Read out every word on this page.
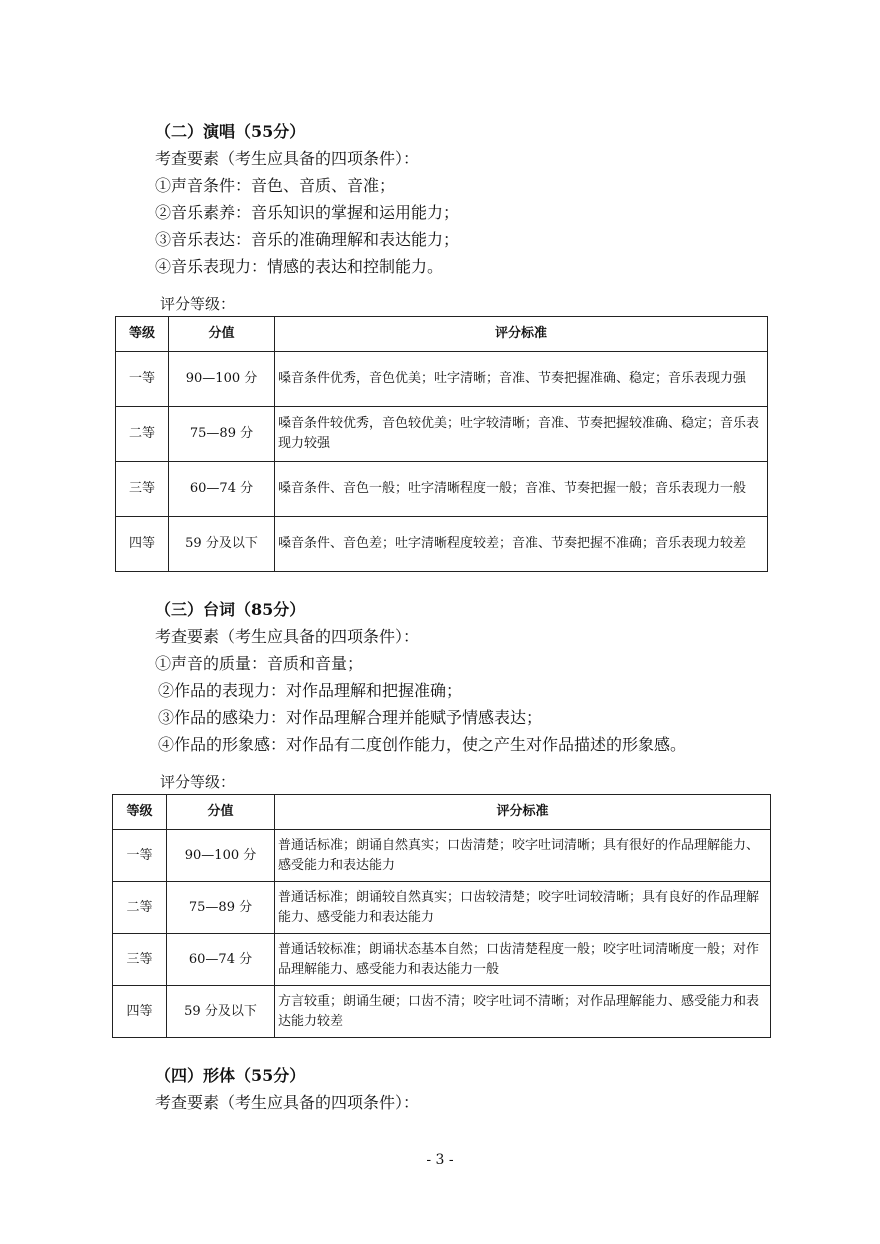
（二）演唱（55分）
考查要素（考生应具备的四项条件）：
①声音条件：音色、音质、音准；
②音乐素养：音乐知识的掌握和运用能力；
③音乐表达：音乐的准确理解和表达能力；
④音乐表现力：情感的表达和控制能力。
评分等级：
等级	分值	评分标准
一等	90—100 分	嗓音条件优秀，音色优美；吐字清晰；音准、节奏把握准确、稳定；音乐表现力强
二等	75—89 分	嗓音条件较优秀，音色较优美；吐字较清晰；音准、节奏把握较准确、稳定；音乐表现力较强
三等	60—74 分	嗓音条件、音色一般；吐字清晰程度一般；音准、节奏把握一般；音乐表现力一般
四等	59 分及以下	嗓音条件、音色差；吐字清晰程度较差；音准、节奏把握不准确；音乐表现力较差
（三）台词（85分）
考查要素（考生应具备的四项条件）：
①声音的质量：音质和音量；
②作品的表现力：对作品理解和把握准确；
③作品的感染力：对作品理解合理并能赋予情感表达；
④作品的形象感：对作品有二度创作能力，使之产生对作品描述的形象感。
评分等级：
等级	分值	评分标准
一等	90—100 分	普通话标准；朗诵自然真实；口齿清楚；咬字吐词清晰；具有很好的作品理解能力、感受能力和表达能力
二等	75—89 分	普通话标准；朗诵较自然真实；口齿较清楚；咬字吐词较清晰；具有良好的作品理解能力、感受能力和表达能力
三等	60—74 分	普通话较标准；朗诵状态基本自然；口齿清楚程度一般；咬字吐词清晰度一般；对作品理解能力、感受能力和表达能力一般
四等	59 分及以下	方言较重；朗诵生硬；口齿不清；咬字吐词不清晰；对作品理解能力、感受能力和表达能力较差
（四）形体（55分）
考查要素（考生应具备的四项条件）：
- 3 -
